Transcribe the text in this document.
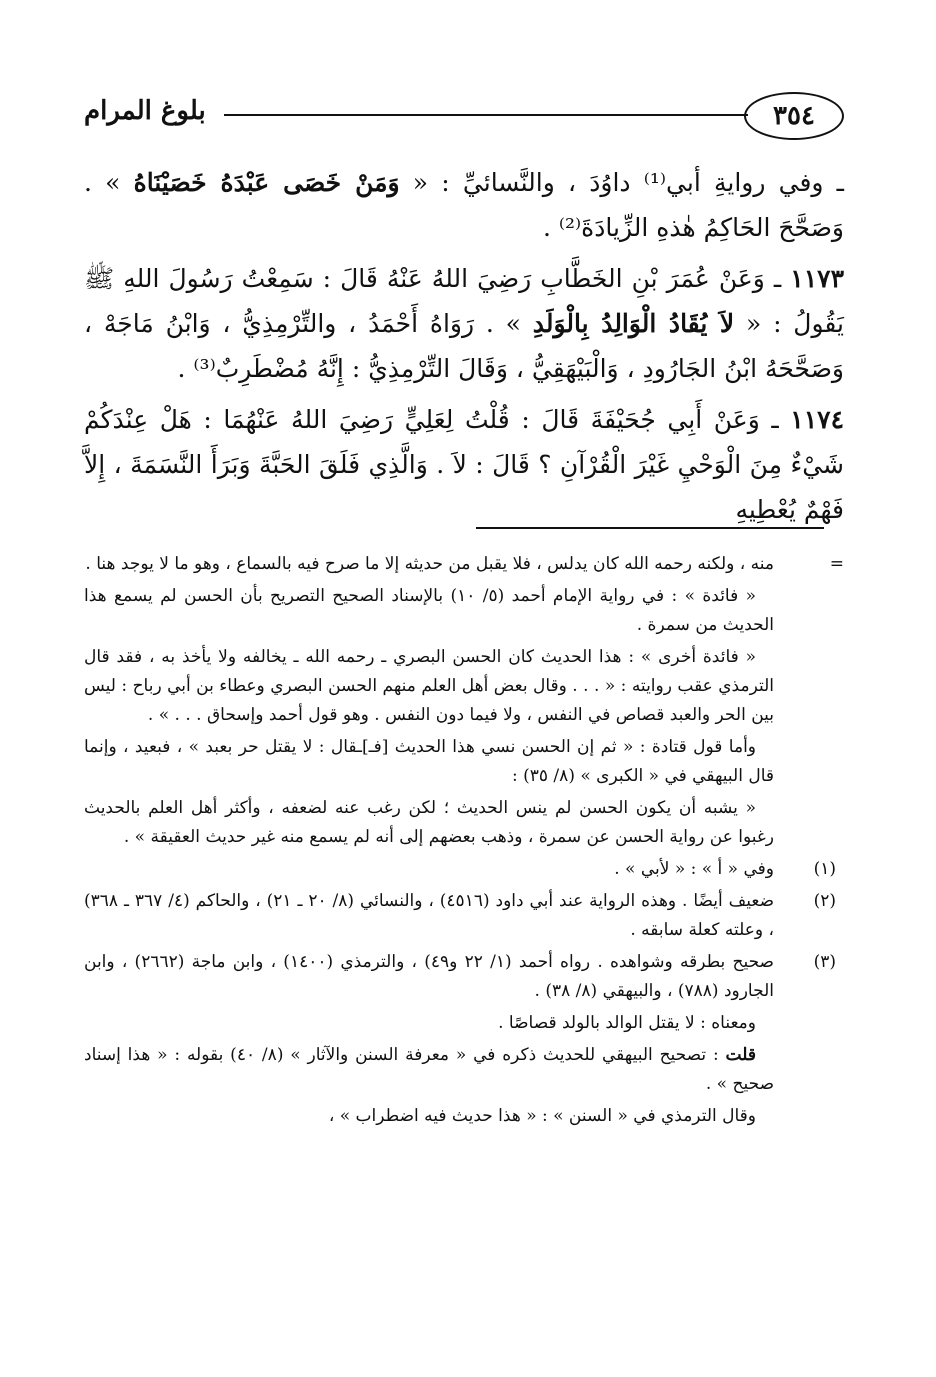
٣٥٤
بلوغ المرام

ـ وفي روايةِ أبي⁽¹⁾ داوُدَ ، والنَّسائيِّ : « وَمَنْ خَصَى عَبْدَهُ خَصَيْنَاهُ » . وَصَحَّحَ الحَاكِمُ هٰذهِ الزِّيادَةَ⁽²⁾ .

١١٧٣ ـ وَعَنْ عُمَرَ بْنِ الخَطَّابِ رَضِيَ اللهُ عَنْهُ قَالَ : سَمِعْتُ رَسُولَ اللهِ ﷺ يَقُولُ : « لاَ يُقَادُ الْوَالِدُ بِالْوَلَدِ » . رَوَاهُ أَحْمَدُ ، والتِّرْمِذِيُّ ، وَابْنُ مَاجَهْ ، وَصَحَّحَهُ ابْنُ الجَارُودِ ، وَالْبَيْهَقِيُّ ، وَقَالَ التِّرْمِذِيُّ : إِنَّهُ مُضْطَرِبٌ⁽³⁾ .

١١٧٤ ـ وَعَنْ أَبِي جُحَيْفَةَ قَالَ : قُلْتُ لِعَلِيٍّ رَضِيَ اللهُ عَنْهُمَا : هَلْ عِنْدَكُمْ شَيْءٌ مِنَ الْوَحْيِ غَيْرَ الْقُرْآنِ ؟ قَالَ : لاَ . وَالَّذِي فَلَقَ الحَبَّةَ وَبَرَأَ النَّسَمَةَ ، إِلاَّ فَهْمٌ يُعْطِيهِ

=
منه ، ولكنه رحمه الله كان يدلس ، فلا يقبل من حديثه إلا ما صرح فيه بالسماع ، وهو ما لا يوجد هنا .

« فائدة » : في رواية الإمام أحمد (٥/ ١٠) بالإسناد الصحيح التصريح بأن الحسن لم يسمع هذا الحديث من سمرة .

« فائدة أخرى » : هذا الحديث كان الحسن البصري ـ رحمه الله ـ يخالفه ولا يأخذ به ، فقد قال الترمذي عقب روايته : « . . . وقال بعض أهل العلم منهم الحسن البصري وعطاء بن أبي رباح : ليس بين الحر والعبد قصاص في النفس ، ولا فيما دون النفس . وهو قول أحمد وإسحاق . . . » .

وأما قول قتادة : « ثم إن الحسن نسي هذا الحديث [فـ]ـقال : لا يقتل حر بعبد » ، فبعيد ، وإنما قال البيهقي في « الكبرى » (٨/ ٣٥) :

« يشبه أن يكون الحسن لم ينس الحديث ؛ لكن رغب عنه لضعفه ، وأكثر أهل العلم بالحديث رغبوا عن رواية الحسن عن سمرة ، وذهب بعضهم إلى أنه لم يسمع منه غير حديث العقيقة » .

(١)
وفي « أ » : « لأبي » .

(٢)
ضعيف أيضًا . وهذه الرواية عند أبي داود (٤٥١٦) ، والنسائي (٨/ ٢٠ ـ ٢١) ، والحاكم (٤/ ٣٦٧ ـ ٣٦٨) ، وعلته كعلة سابقه .

(٣)
صحيح بطرقه وشواهده . رواه أحمد (١/ ٢٢ و٤٩) ، والترمذي (١٤٠٠) ، وابن ماجة (٢٦٦٢) ، وابن الجارود (٧٨٨) ، والبيهقي (٨/ ٣٨) .

ومعناه : لا يقتل الوالد بالولد قصاصًا .

قلت : تصحيح البيهقي للحديث ذكره في « معرفة السنن والآثار » (٨/ ٤٠) بقوله : « هذا إسناد صحيح » .

وقال الترمذي في « السنن » : « هذا حديث فيه اضطراب » ،
